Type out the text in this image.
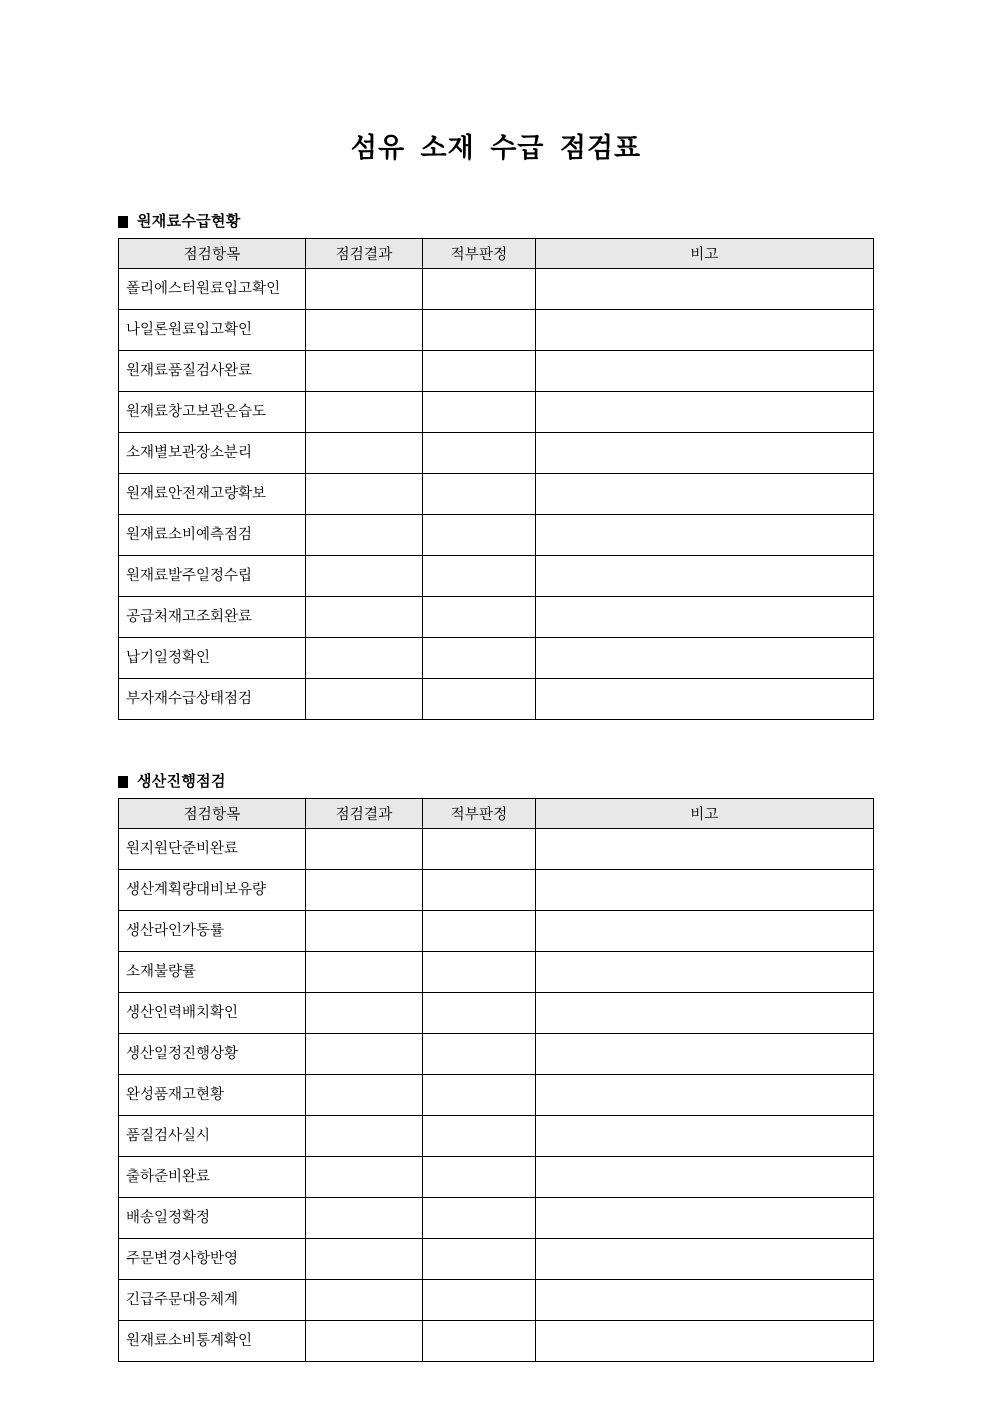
섬유 소재 수급 점검표
원재료수급현황
점검항목	점검결과	적부판정	비고
폴리에스터원료입고확인			
나일론원료입고확인			
원재료품질검사완료			
원재료창고보관온습도			
소재별보관장소분리			
원재료안전재고량확보			
원재료소비예측점검			
원재료발주일정수립			
공급처재고조회완료			
납기일정확인			
부자재수급상태점검			
생산진행점검
점검항목	점검결과	적부판정	비고
원지원단준비완료			
생산계획량대비보유량			
생산라인가동률			
소재불량률			
생산인력배치확인			
생산일정진행상황			
완성품재고현황			
품질검사실시			
출하준비완료			
배송일정확정			
주문변경사항반영			
긴급주문대응체계			
원재료소비통계확인			
